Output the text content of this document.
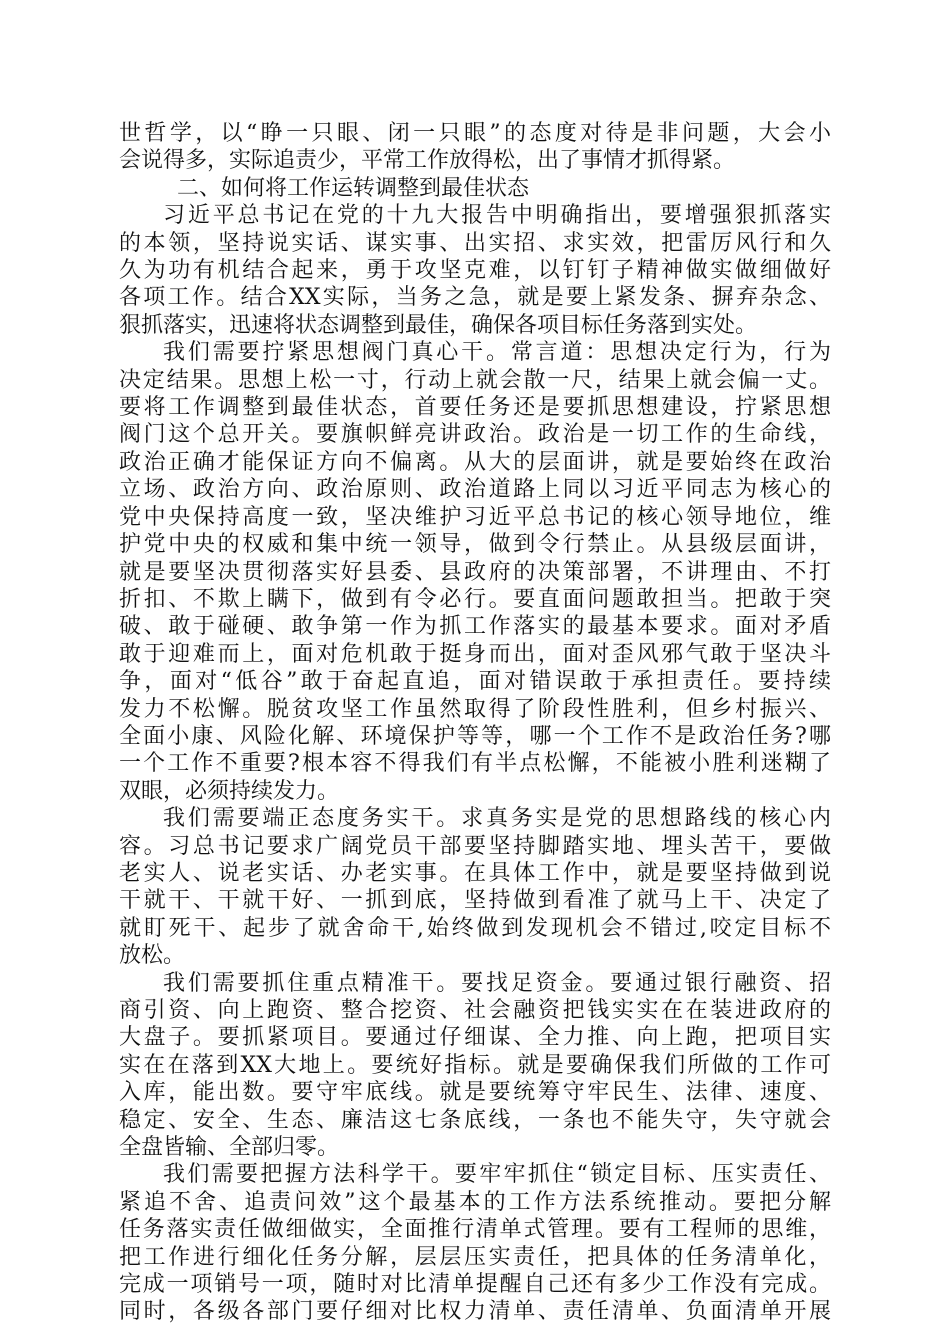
世哲学，以“睁一只眼、闭一只眼”的态度对待是非问题，大会小
会说得多，实际追责少，平常工作放得松，出了事情才抓得紧。

二、如何将工作运转调整到最佳状态

习近平总书记在党的十九大报告中明确指出，要增强狠抓落实
的本领，坚持说实话、谋实事、出实招、求实效，把雷厉风行和久
久为功有机结合起来，勇于攻坚克难，以钉钉子精神做实做细做好
各项工作。结合XX实际，当务之急，就是要上紧发条、摒弃杂念、
狠抓落实，迅速将状态调整到最佳，确保各项目标任务落到实处。

我们需要拧紧思想阀门真心干。常言道：思想决定行为，行为
决定结果。思想上松一寸，行动上就会散一尺，结果上就会偏一丈。
要将工作调整到最佳状态，首要任务还是要抓思想建设，拧紧思想
阀门这个总开关。要旗帜鲜亮讲政治。政治是一切工作的生命线，
政治正确才能保证方向不偏离。从大的层面讲，就是要始终在政治
立场、政治方向、政治原则、政治道路上同以习近平同志为核心的
党中央保持高度一致，坚决维护习近平总书记的核心领导地位，维
护党中央的权威和集中统一领导，做到令行禁止。从县级层面讲，
就是要坚决贯彻落实好县委、县政府的决策部署，不讲理由、不打
折扣、不欺上瞒下，做到有令必行。要直面问题敢担当。把敢于突
破、敢于碰硬、敢争第一作为抓工作落实的最基本要求。面对矛盾
敢于迎难而上，面对危机敢于挺身而出，面对歪风邪气敢于坚决斗
争，面对“低谷”敢于奋起直追，面对错误敢于承担责任。要持续
发力不松懈。脱贫攻坚工作虽然取得了阶段性胜利，但乡村振兴、
全面小康、风险化解、环境保护等等，哪一个工作不是政治任务?哪
一个工作不重要?根本容不得我们有半点松懈，不能被小胜利迷糊了
双眼，必须持续发力。

我们需要端正态度务实干。求真务实是党的思想路线的核心内
容。习总书记要求广阔党员干部要坚持脚踏实地、埋头苦干，要做
老实人、说老实话、办老实事。在具体工作中，就是要坚持做到说
干就干、干就干好、一抓到底，坚持做到看准了就马上干、决定了
就盯死干、起步了就舍命干,始终做到发现机会不错过,咬定目标不
放松。

我们需要抓住重点精准干。要找足资金。要通过银行融资、招
商引资、向上跑资、整合挖资、社会融资把钱实实在在装进政府的
大盘子。要抓紧项目。要通过仔细谋、全力推、向上跑，把项目实
实在在落到XX大地上。要统好指标。就是要确保我们所做的工作可
入库，能出数。要守牢底线。就是要统筹守牢民生、法律、速度、
稳定、安全、生态、廉洁这七条底线，一条也不能失守，失守就会
全盘皆输、全部归零。

我们需要把握方法科学干。要牢牢抓住“锁定目标、压实责任、
紧追不舍、追责问效”这个最基本的工作方法系统推动。要把分解
任务落实责任做细做实，全面推行清单式管理。要有工程师的思维，
把工作进行细化任务分解，层层压实责任，把具体的任务清单化，
完成一项销号一项，随时对比清单提醒自己还有多少工作没有完成。
同时，各级各部门要仔细对比权力清单、责任清单、负面清单开展
